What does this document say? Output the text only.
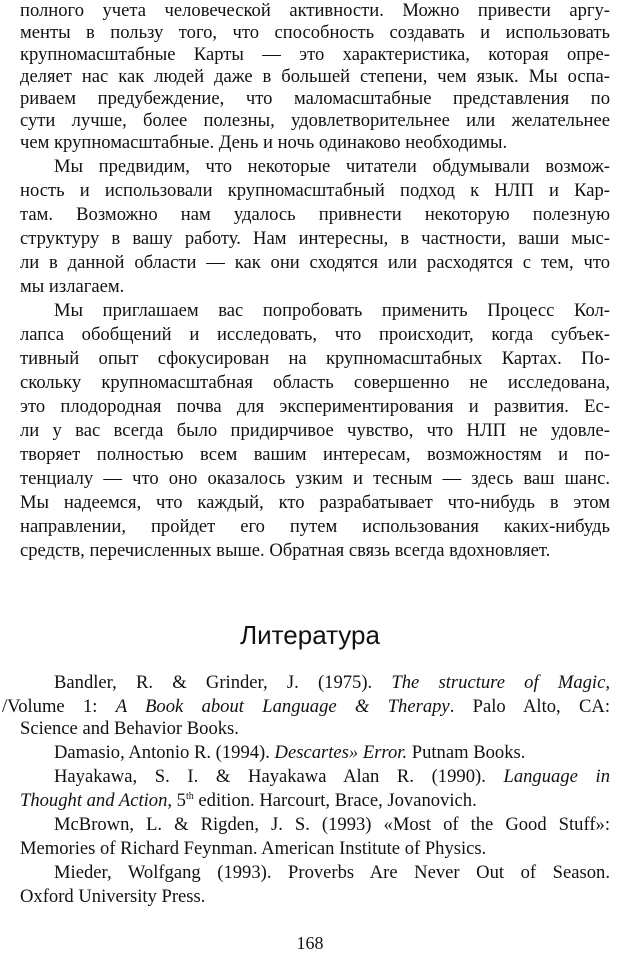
полного учета человеческой активности. Можно привести аргу-
менты в пользу того, что способность создавать и использовать
крупномасштабные Карты — это характеристика, которая опре-
деляет нас как людей даже в большей степени, чем язык. Мы оспа-
риваем предубеждение, что маломасштабные представления по
сути лучше, более полезны, удовлетворительнее или желательнее
чем крупномасштабные. День и ночь одинаково необходимы.
Мы предвидим, что некоторые читатели обдумывали возмож-
ность и использовали крупномасштабный подход к НЛП и Кар-
там. Возможно нам удалось привнести некоторую полезную
структуру в вашу работу. Нам интересны, в частности, ваши мыс-
ли в данной области — как они сходятся или расходятся с тем, что
мы излагаем.
Мы приглашаем вас попробовать применить Процесс Кол-
лапса обобщений и исследовать, что происходит, когда субъек-
тивный опыт сфокусирован на крупномасштабных Картах. По-
скольку крупномасштабная область совершенно не исследована,
это плодородная почва для экспериментирования и развития. Ес-
ли у вас всегда было придирчивое чувство, что НЛП не удовле-
творяет полностью всем вашим интересам, возможностям и по-
тенциалу — что оно оказалось узким и тесным — здесь ваш шанс.
Мы надеемся, что каждый, кто разрабатывает что-нибудь в этом
направлении, пройдет его путем использования каких-нибудь
средств, перечисленных выше. Обратная связь всегда вдохновляет.
Литература
Bandler, R. & Grinder, J. (1975). The structure of Magic,
/Volume 1: A Book about Language & Therapy. Palo Alto, CA:
Science and Behavior Books.
Damasio, Antonio R. (1994). Descartes» Error. Putnam Books.
Hayakawa, S. I. & Hayakawa Alan R. (1990). Language in
Thought and Action, 5th edition. Harcourt, Brace, Jovanovich.
McBrown, L. & Rigden, J. S. (1993) «Most of the Good Stuff»:
Memories of Richard Feynman. American Institute of Physics.
Mieder, Wolfgang (1993). Proverbs Are Never Out of Season.
Oxford University Press.
168
